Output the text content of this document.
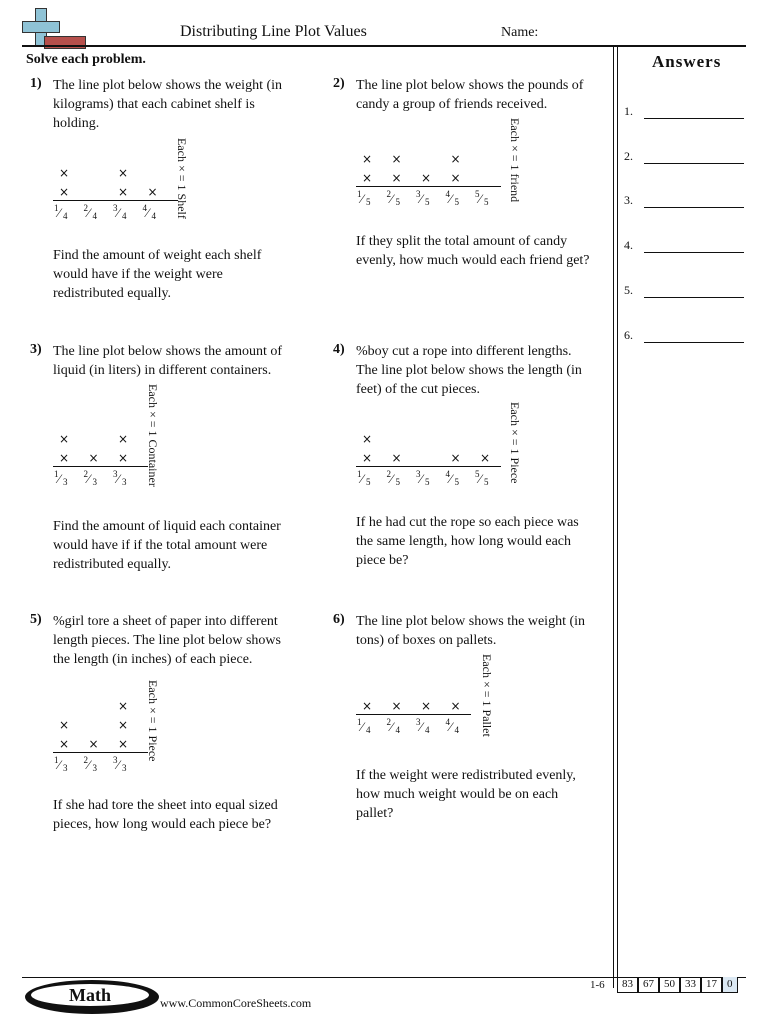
Distributing Line Plot Values	Name:
Solve each problem.	Answers
1.
2.
3.
4.
5.
6.
1) The line plot below shows the weight (in
kilograms) that each cabinet shelf is
holding.
1 ⁄ 4
×
×
2 ⁄ 4
3 ⁄ 4
×
×
4 ⁄ 4
× Each × = 1 Shelf
Find the amount of weight each shelf
would have if the weight were
redistributed equally.
2) The line plot below shows the pounds of
candy a group of friends received.
1 ⁄ 5
×
×
2 ⁄ 5
×
×
3 ⁄ 5
×
4 ⁄ 5
×
×
5 ⁄ 5 Each × = 1 friend
If they split the total amount of candy
evenly, how much would each friend get?
3) The line plot below shows the amount of
liquid (in liters) in different containers.
1 ⁄ 3
×
×
2 ⁄ 3
×
3 ⁄ 3
×
× Each × = 1 Container
Find the amount of liquid each container
would have if if the total amount were
redistributed equally.
4) %boy cut a rope into different lengths.
The line plot below shows the length (in
feet) of the cut pieces.
1 ⁄ 5
×
×
2 ⁄ 5
×
3 ⁄ 5
4 ⁄ 5
×
5 ⁄ 5
× Each × = 1 Piece
If he had cut the rope so each piece was
the same length, how long would each
piece be?
5) %girl tore a sheet of paper into different
length pieces. The line plot below shows
the length (in inches) of each piece.
1 ⁄ 3
×
×
2 ⁄ 3
×
3 ⁄ 3
×
×
× Each × = 1 Piece
If she had tore the sheet into equal sized
pieces, how long would each piece be?
6) The line plot below shows the weight (in
tons) of boxes on pallets.
1 ⁄ 4
×
2 ⁄ 4
×
3 ⁄ 4
×
4 ⁄ 4
× Each × = 1 Pallet
If the weight were redistributed evenly,
how much weight would be on each
pallet?
Math	www.CommonCoreSheets.com
1-6	83 67 50 33 17 0
